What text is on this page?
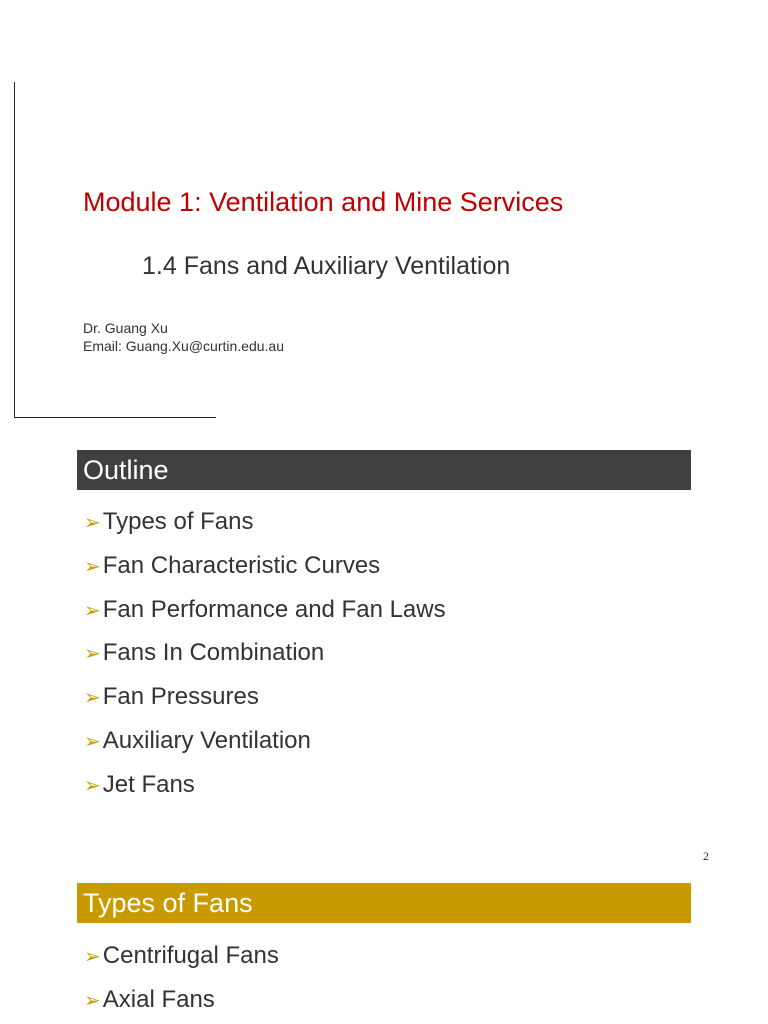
Module 1: Ventilation and Mine Services
1.4 Fans and Auxiliary Ventilation
Dr. Guang Xu
Email: Guang.Xu@curtin.edu.au
Outline
➢Types of Fans
➢Fan Characteristic Curves
➢Fan Performance and Fan Laws
➢Fans In Combination
➢Fan Pressures
➢Auxiliary Ventilation
➢Jet Fans
2
Types of Fans
➢Centrifugal Fans
➢Axial Fans
